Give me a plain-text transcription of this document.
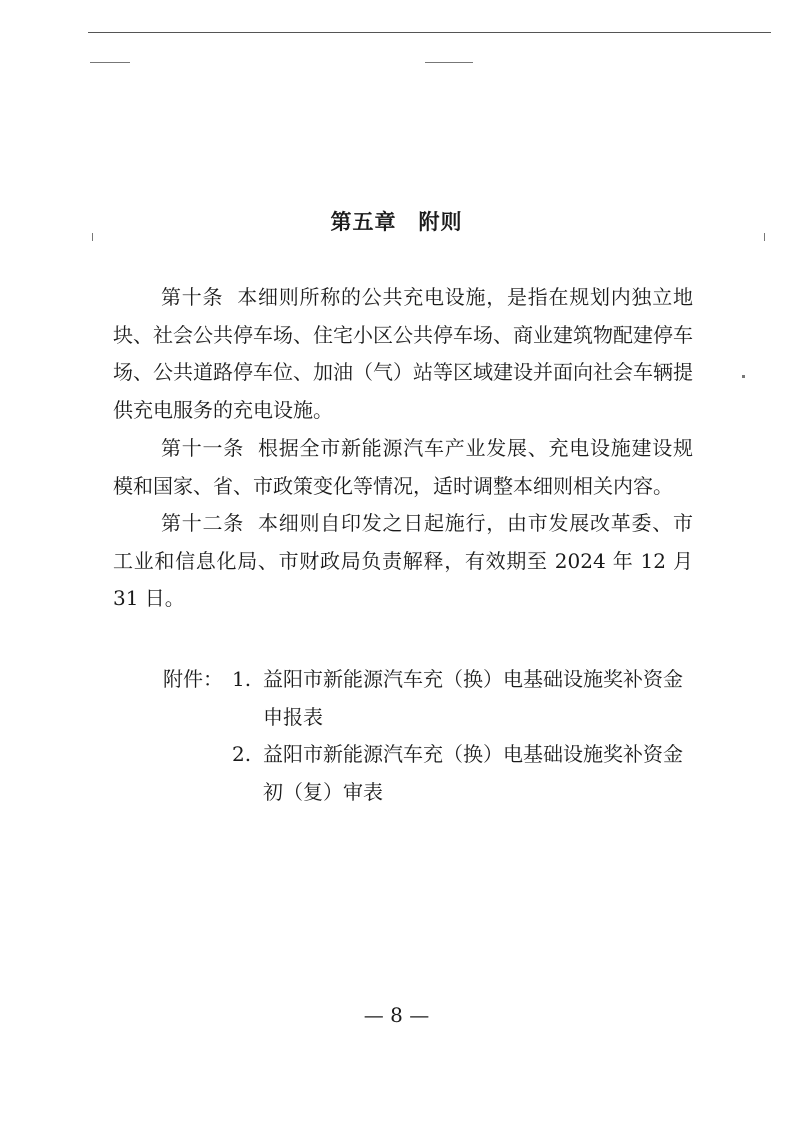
第五章 附则

第十条 本细则所称的公共充电设施，是指在规划内独立地块、社会公共停车场、住宅小区公共停车场、商业建筑物配建停车场、公共道路停车位、加油（气）站等区域建设并面向社会车辆提供充电服务的充电设施。

第十一条 根据全市新能源汽车产业发展、充电设施建设规模和国家、省、市政策变化等情况，适时调整本细则相关内容。

第十二条 本细则自印发之日起施行，由市发展改革委、市工业和信息化局、市财政局负责解释，有效期至 2024 年 12 月 31 日。

附件： 1. 益阳市新能源汽车充（换）电基础设施奖补资金申报表
2. 益阳市新能源汽车充（换）电基础设施奖补资金初（复）审表
— 8 —
